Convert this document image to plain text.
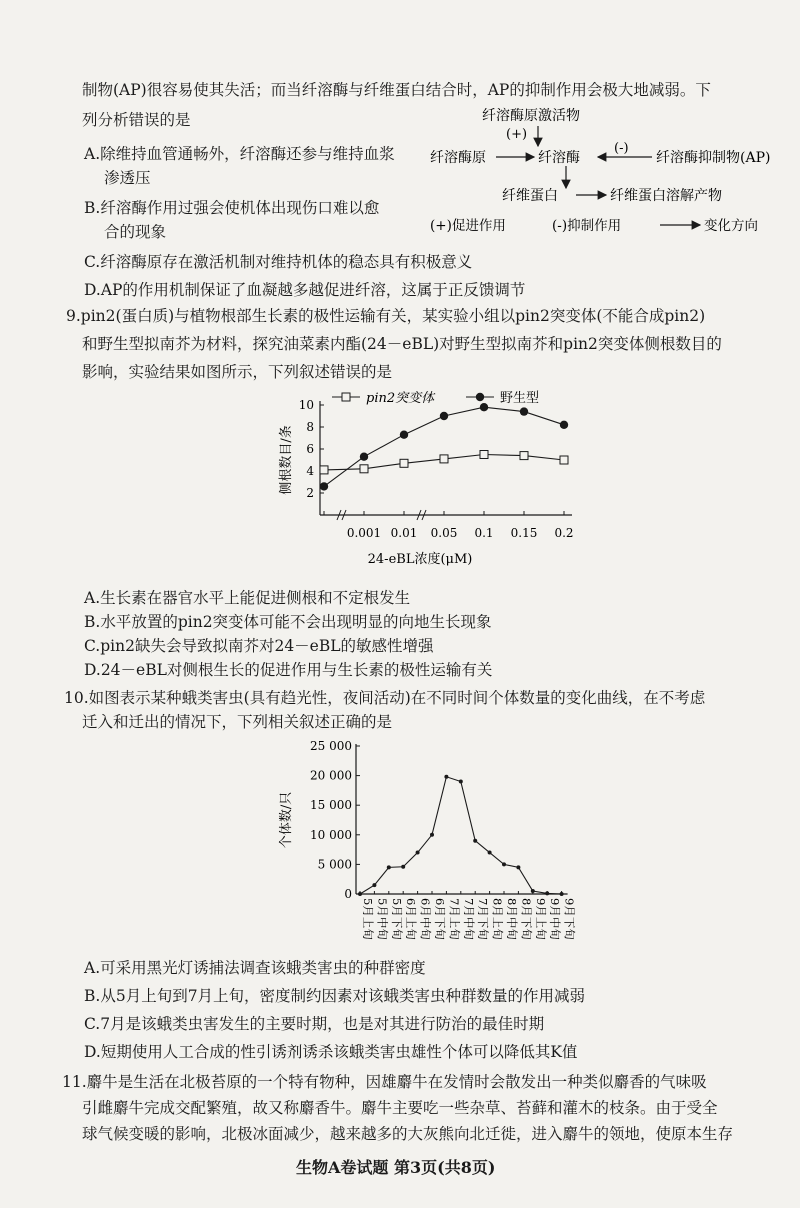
制物(AP)很容易使其失活；而当纤溶酶与纤维蛋白结合时，AP的抑制作用会极大地减弱。下
列分析错误的是
A.除维持血管通畅外，纤溶酶还参与维持血浆
渗透压
B.纤溶酶作用过强会使机体出现伤口难以愈
合的现象
C.纤溶酶原存在激活机制对维持机体的稳态具有积极意义
D.AP的作用机制保证了血凝越多越促进纤溶，这属于正反馈调节
纤溶酶原激活物
(+)
纤溶酶原	纤溶酶
(-)
纤溶酶抑制物(AP)
纤维蛋白	纤维蛋白溶解产物
(+)促进作用	(-)抑制作用	变化方向
9.pin2(蛋白质)与植物根部生长素的极性运输有关，某实验小组以pin2突变体(不能合成pin2)
和野生型拟南芥为材料，探究油菜素内酯(24－eBL)对野生型拟南芥和pin2突变体侧根数目的
影响，实验结果如图所示，下列叙述错误的是
2
4
6
8
10
0.001 0.01 0.05 0.1 0.15 0.2
24-eBL浓度(μM)
侧根数目/条
pin2突变体	野生型
A.生长素在器官水平上能促进侧根和不定根发生
B.水平放置的pin2突变体可能不会出现明显的向地生长现象
C.pin2缺失会导致拟南芥对24－eBL的敏感性增强
D.24－eBL对侧根生长的促进作用与生长素的极性运输有关
10.如图表示某种蛾类害虫(具有趋光性，夜间活动)在不同时间个体数量的变化曲线，在不考虑
迁入和迁出的情况下，下列相关叙述正确的是
0
5 000
10 000
15 000
20 000
25 000
个体数/只
5月上旬 5月中旬 5月下旬 6月上旬 6月中旬 6月下旬 7月上旬 7月中旬 7月下旬 8月上旬 8月中旬 8月下旬 9月上旬 9月中旬 9月下旬
A.可采用黑光灯诱捕法调查该蛾类害虫的种群密度
B.从5月上旬到7月上旬，密度制约因素对该蛾类害虫种群数量的作用减弱
C.7月是该蛾类虫害发生的主要时期，也是对其进行防治的最佳时期
D.短期使用人工合成的性引诱剂诱杀该蛾类害虫雄性个体可以降低其K值
11.麝牛是生活在北极苔原的一个特有物种，因雄麝牛在发情时会散发出一种类似麝香的气味吸
引雌麝牛完成交配繁殖，故又称麝香牛。麝牛主要吃一些杂草、苔藓和灌木的枝条。由于受全
球气候变暖的影响，北极冰面减少，越来越多的大灰熊向北迁徙，进入麝牛的领地，使原本生存
生物A卷试题 第3页(共8页)
